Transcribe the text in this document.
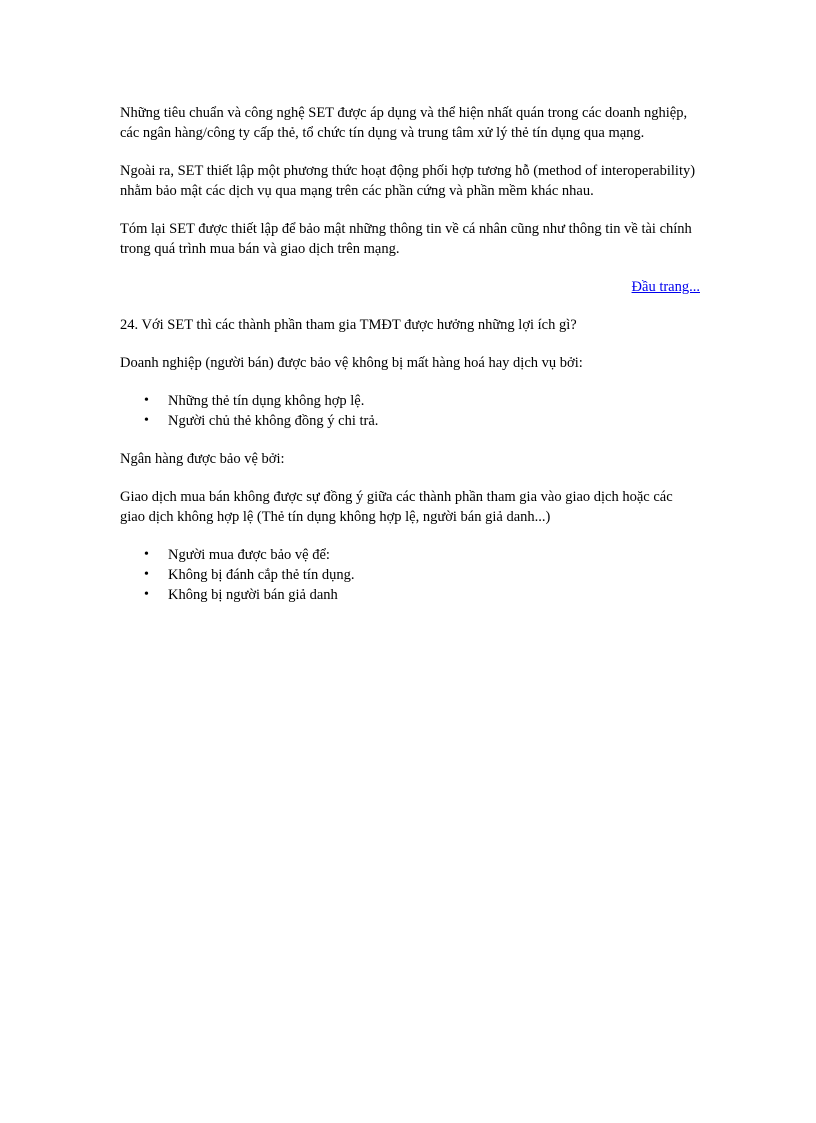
Những tiêu chuẩn và công nghệ SET được áp dụng và thể hiện nhất quán trong các doanh nghiệp, các ngân hàng/công ty cấp thẻ, tổ chức tín dụng và trung tâm xử lý thẻ tín dụng qua mạng.

Ngoài ra, SET thiết lập một phương thức hoạt động phối hợp tương hỗ (method of interoperability) nhằm bảo mật các dịch vụ qua mạng trên các phần cứng và phần mềm khác nhau.

Tóm lại SET được thiết lập để bảo mật những thông tin về cá nhân cũng như thông tin về tài chính trong quá trình mua bán và giao dịch trên mạng.

Đầu trang...

24. Với SET thì các thành phần tham gia TMĐT được hưởng những lợi ích gì?

Doanh nghiệp (người bán) được bảo vệ không bị mất hàng hoá hay dịch vụ bởi:

• Những thẻ tín dụng không hợp lệ.
• Người chủ thẻ không đồng ý chi trả.

Ngân hàng được bảo vệ bởi:

Giao dịch mua bán không được sự đồng ý giữa các thành phần tham gia vào giao dịch hoặc các giao dịch không hợp lệ (Thẻ tín dụng không hợp lệ, người bán giả danh...)

• Người mua được bảo vệ để:
• Không bị đánh cắp thẻ tín dụng.
• Không bị người bán giả danh
